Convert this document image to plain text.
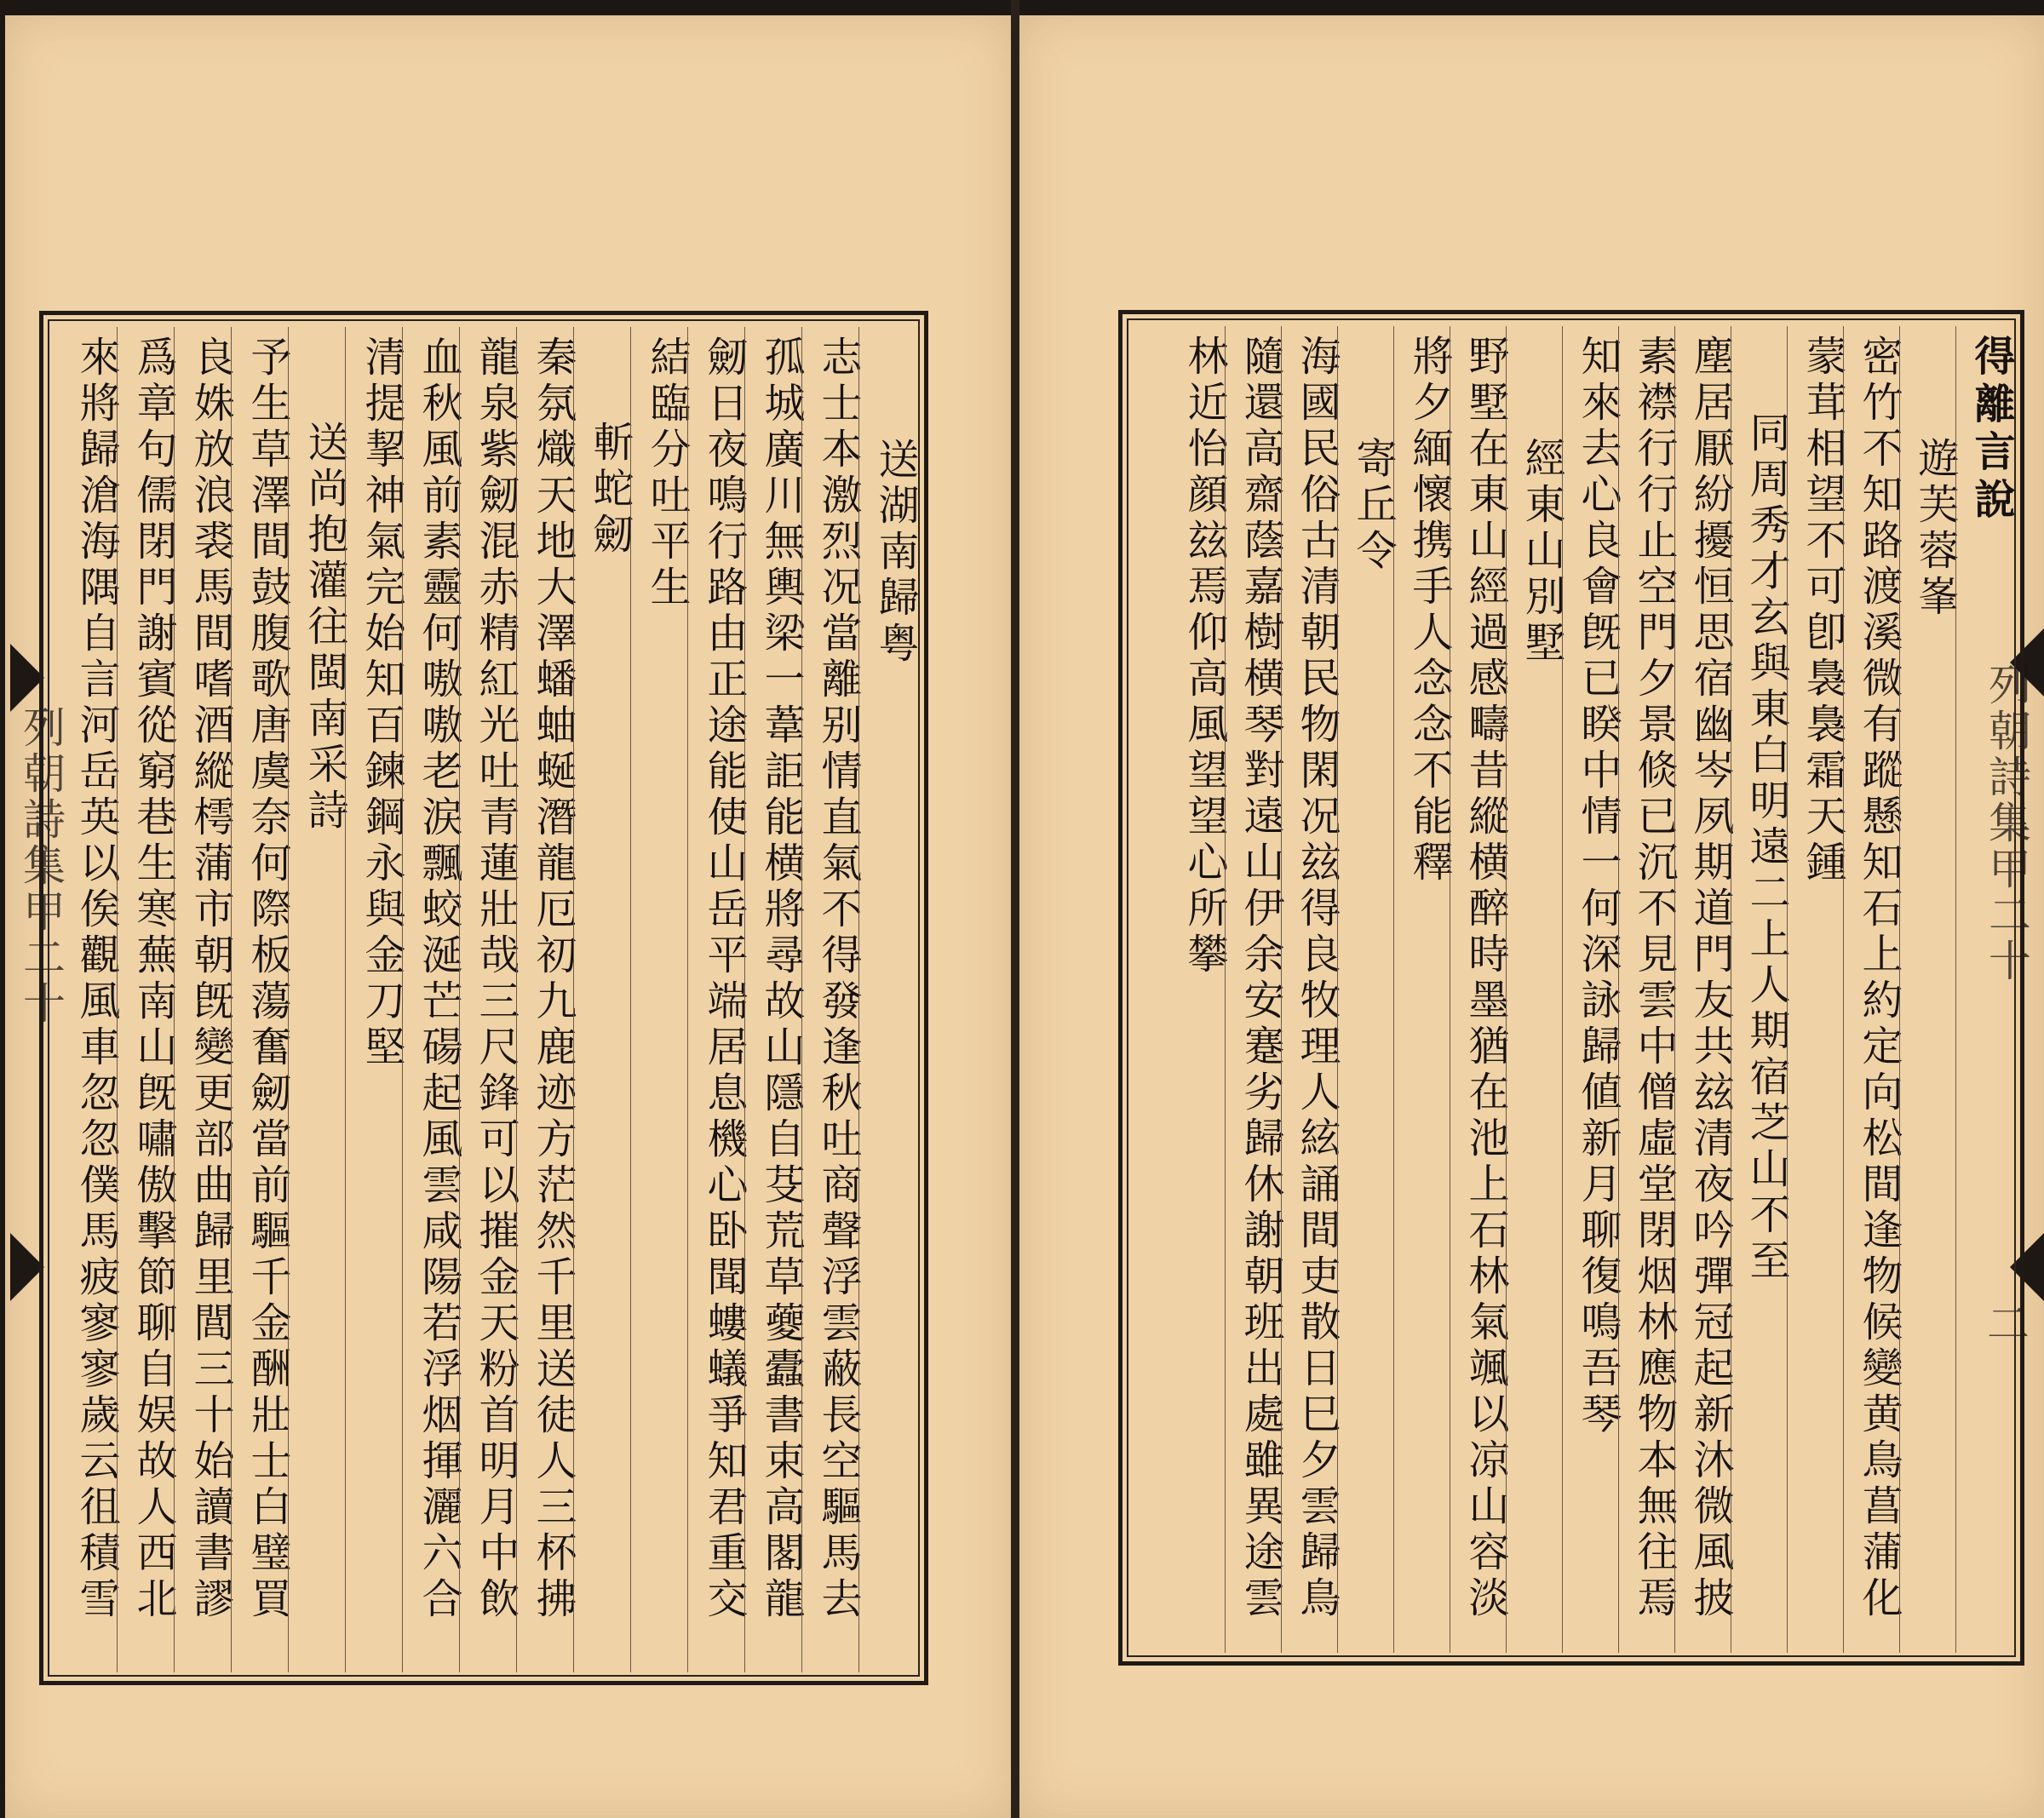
列朝詩集甲二十
送湖南歸粤
志士本激烈况當離别情直氣不得發逢秋吐商聲浮雲蔽長空驅馬去
孤城廣川無輿梁一葦詎能横將尋故山隱自芟荒草䕫蠹書束高閣龍
劒日夜鳴行路由正途能使山岳平端居息機心卧聞螻蟻爭知君重交
結臨分吐平生
斬蛇劒
秦氛熾天地大澤蟠蚰蜒潛龍厄初九鹿迹方茫然千里送徒人三杯拂
龍泉紫劒混赤精紅光吐青蓮壯哉三尺鋒可以摧金天粉首明月中飲
血秋風前素靈何嗷嗷老涙飄蛟涎芒碭起風雲咸陽若浮烟揮灑六合
清提挈神氣完始知百鍊鋼永與金刀堅
送尚抱灌往閩南采詩
予生草澤間鼓腹歌唐虞奈何際板蕩奮劒當前驅千金酬壯士白璧買
良姝放浪裘馬間嗜酒縱樗蒲市朝旣變更部曲歸里閭三十始讀書謬
爲章句儒閉門謝賓從窮巷生寒蕪南山旣嘯傲擊節聊自娱故人西北
來將歸滄海隅自言河岳英以俟觀風車忽忽僕馬疲寥寥歲云徂積雪	列朝詩集甲二十
二
得離言說
遊芙蓉峯
密竹不知路渡溪微有蹤懸知石上約定向松間逢物候變黄鳥菖蒲化
蒙茸相望不可卽裊裊霜天鍾
同周秀才玄與東白明遠二上人期宿芝山不至
塵居厭紛擾恒思宿幽岑夙期道門友共玆清夜吟彈冠起新沐微風披
素襟行行止空門夕景倐已沉不見雲中僧虛堂閉烟林應物本無往焉
知來去心良會旣已睽中情一何深詠歸値新月聊復鳴吾琴
經東山別墅
野墅在東山經過感疇昔縱横醉時墨猶在池上石林氣颯以凉山容淡
將夕緬懷携手人念念不能釋
寄丘令
海國民俗古清朝民物閑况玆得良牧理人絃誦間吏散日巳夕雲歸鳥
隨還高齋蔭嘉樹横琴對遠山伊余安蹇劣歸休謝朝班出處雖異途雲
林近怡顔玆焉仰高風望望心所攀
